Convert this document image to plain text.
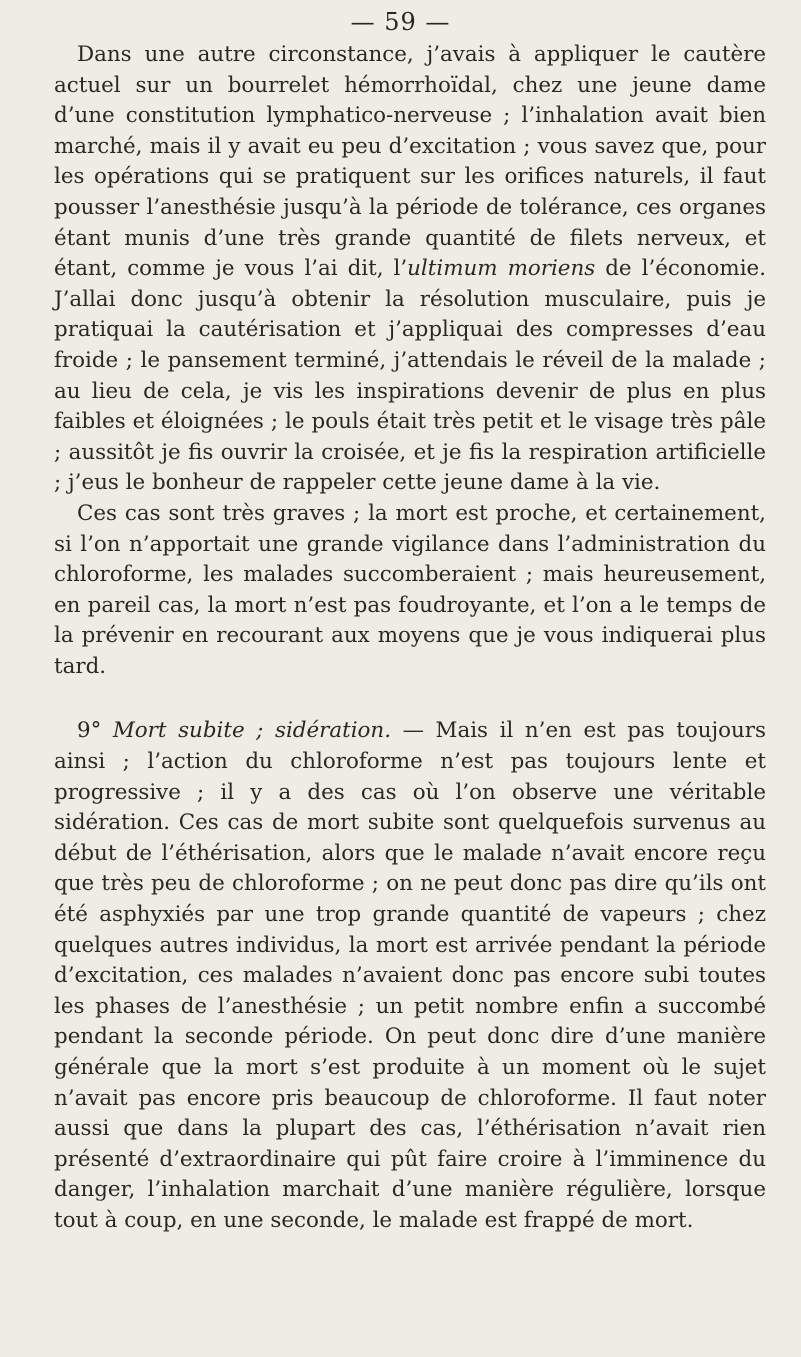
— 59 —

Dans une autre circonstance, j’avais à appliquer le cautère actuel sur un bourrelet hémorrhoïdal, chez une jeune dame d’une constitution lymphatico-nerveuse ; l’inhalation avait bien marché, mais il y avait eu peu d’excitation ; vous savez que, pour les opérations qui se pratiquent sur les orifices naturels, il faut pousser l’anesthésie jusqu’à la période de tolérance, ces organes étant munis d’une très grande quantité de filets nerveux, et étant, comme je vous l’ai dit, l’ultimum moriens de l’économie. J’allai donc jusqu’à obtenir la résolution musculaire, puis je pratiquai la cautérisation et j’appliquai des compresses d’eau froide ; le pansement terminé, j’attendais le réveil de la malade ; au lieu de cela, je vis les inspirations devenir de plus en plus faibles et éloignées ; le pouls était très petit et le visage très pâle ; aussitôt je fis ouvrir la croisée, et je fis la respiration artificielle ; j’eus le bonheur de rappeler cette jeune dame à la vie.

Ces cas sont très graves ; la mort est proche, et certainement, si l’on n’apportait une grande vigilance dans l’administration du chloroforme, les malades succomberaient ; mais heureusement, en pareil cas, la mort n’est pas foudroyante, et l’on a le temps de la prévenir en recourant aux moyens que je vous indiquerai plus tard.

9° Mort subite ; sidération. — Mais il n’en est pas toujours ainsi ; l’action du chloroforme n’est pas toujours lente et progressive ; il y a des cas où l’on observe une véritable sidération. Ces cas de mort subite sont quelquefois survenus au début de l’éthérisation, alors que le malade n’avait encore reçu que très peu de chloroforme ; on ne peut donc pas dire qu’ils ont été asphyxiés par une trop grande quantité de vapeurs ; chez quelques autres individus, la mort est arrivée pendant la période d’excitation, ces malades n’avaient donc pas encore subi toutes les phases de l’anesthésie ; un petit nombre enfin a succombé pendant la seconde période. On peut donc dire d’une manière générale que la mort s’est produite à un moment où le sujet n’avait pas encore pris beaucoup de chloroforme. Il faut noter aussi que dans la plupart des cas, l’éthérisation n’avait rien présenté d’extraordinaire qui pût faire croire à l’imminence du danger, l’inhalation marchait d’une manière régulière, lorsque tout à coup, en une seconde, le malade est frappé de mort.
